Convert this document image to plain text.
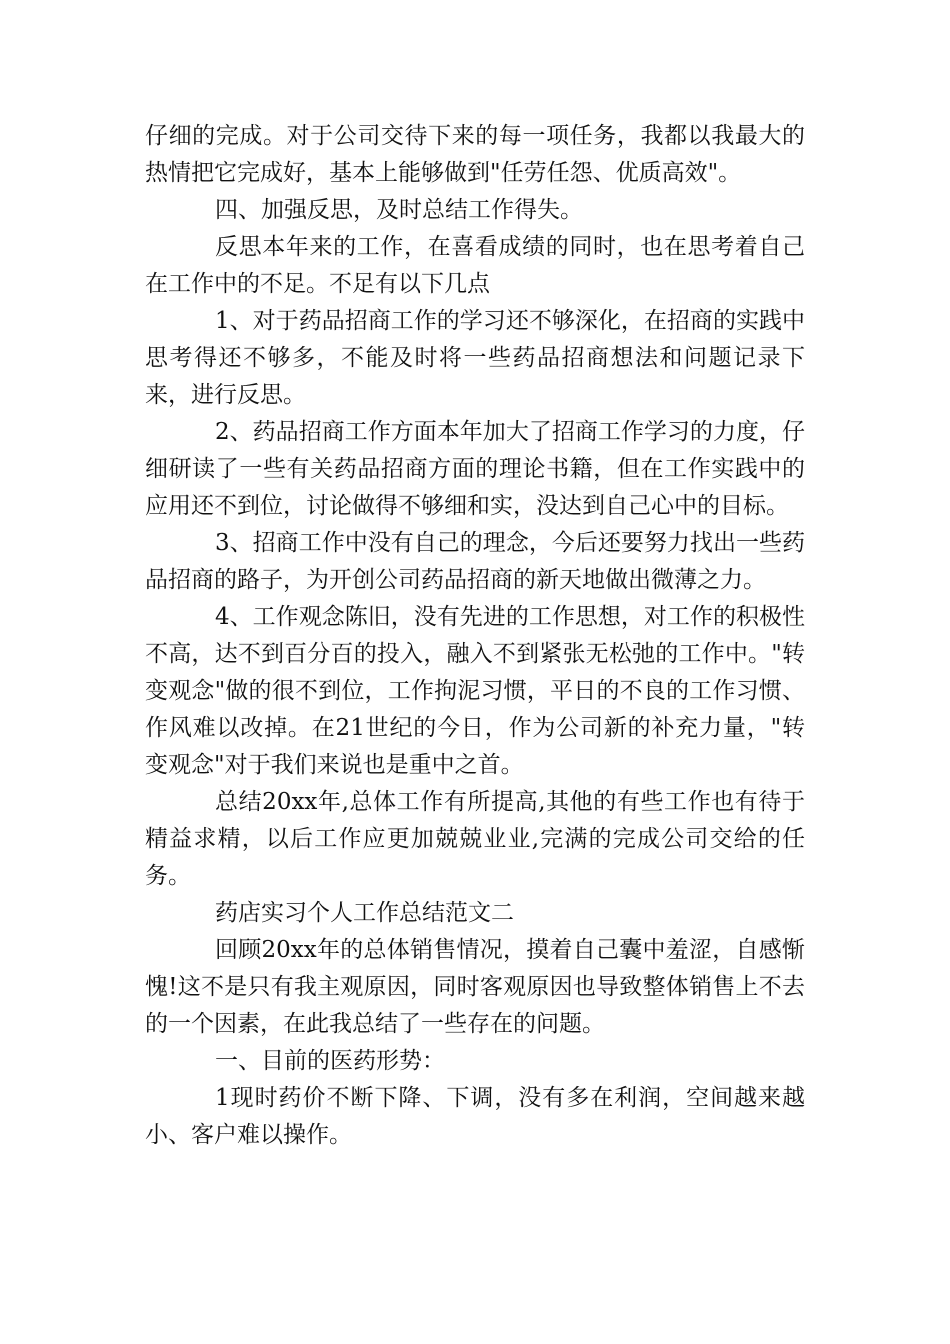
仔细的完成。对于公司交待下来的每一项任务，我都以我最大的热情把它完成好，基本上能够做到"任劳任怨、优质高效"。

四、加强反思，及时总结工作得失。

反思本年来的工作，在喜看成绩的同时，也在思考着自己在工作中的不足。不足有以下几点

1、对于药品招商工作的学习还不够深化，在招商的实践中思考得还不够多，不能及时将一些药品招商想法和问题记录下来，进行反思。

2、药品招商工作方面本年加大了招商工作学习的力度，仔细研读了一些有关药品招商方面的理论书籍，但在工作实践中的应用还不到位，讨论做得不够细和实，没达到自己心中的目标。

3、招商工作中没有自己的理念，今后还要努力找出一些药品招商的路子，为开创公司药品招商的新天地做出微薄之力。

4、工作观念陈旧，没有先进的工作思想，对工作的积极性不高，达不到百分百的投入，融入不到紧张无松弛的工作中。"转变观念"做的很不到位，工作拘泥习惯，平日的不良的工作习惯、作风难以改掉。在21世纪的今日，作为公司新的补充力量，"转变观念"对于我们来说也是重中之首。

总结20xx年,总体工作有所提高,其他的有些工作也有待于精益求精，以后工作应更加兢兢业业,完满的完成公司交给的任务。

药店实习个人工作总结范文二

回顾20xx年的总体销售情况，摸着自己囊中羞涩，自感惭愧!这不是只有我主观原因，同时客观原因也导致整体销售上不去的一个因素，在此我总结了一些存在的问题。

一、目前的医药形势：

1现时药价不断下降、下调，没有多在利润，空间越来越小、客户难以操作。
